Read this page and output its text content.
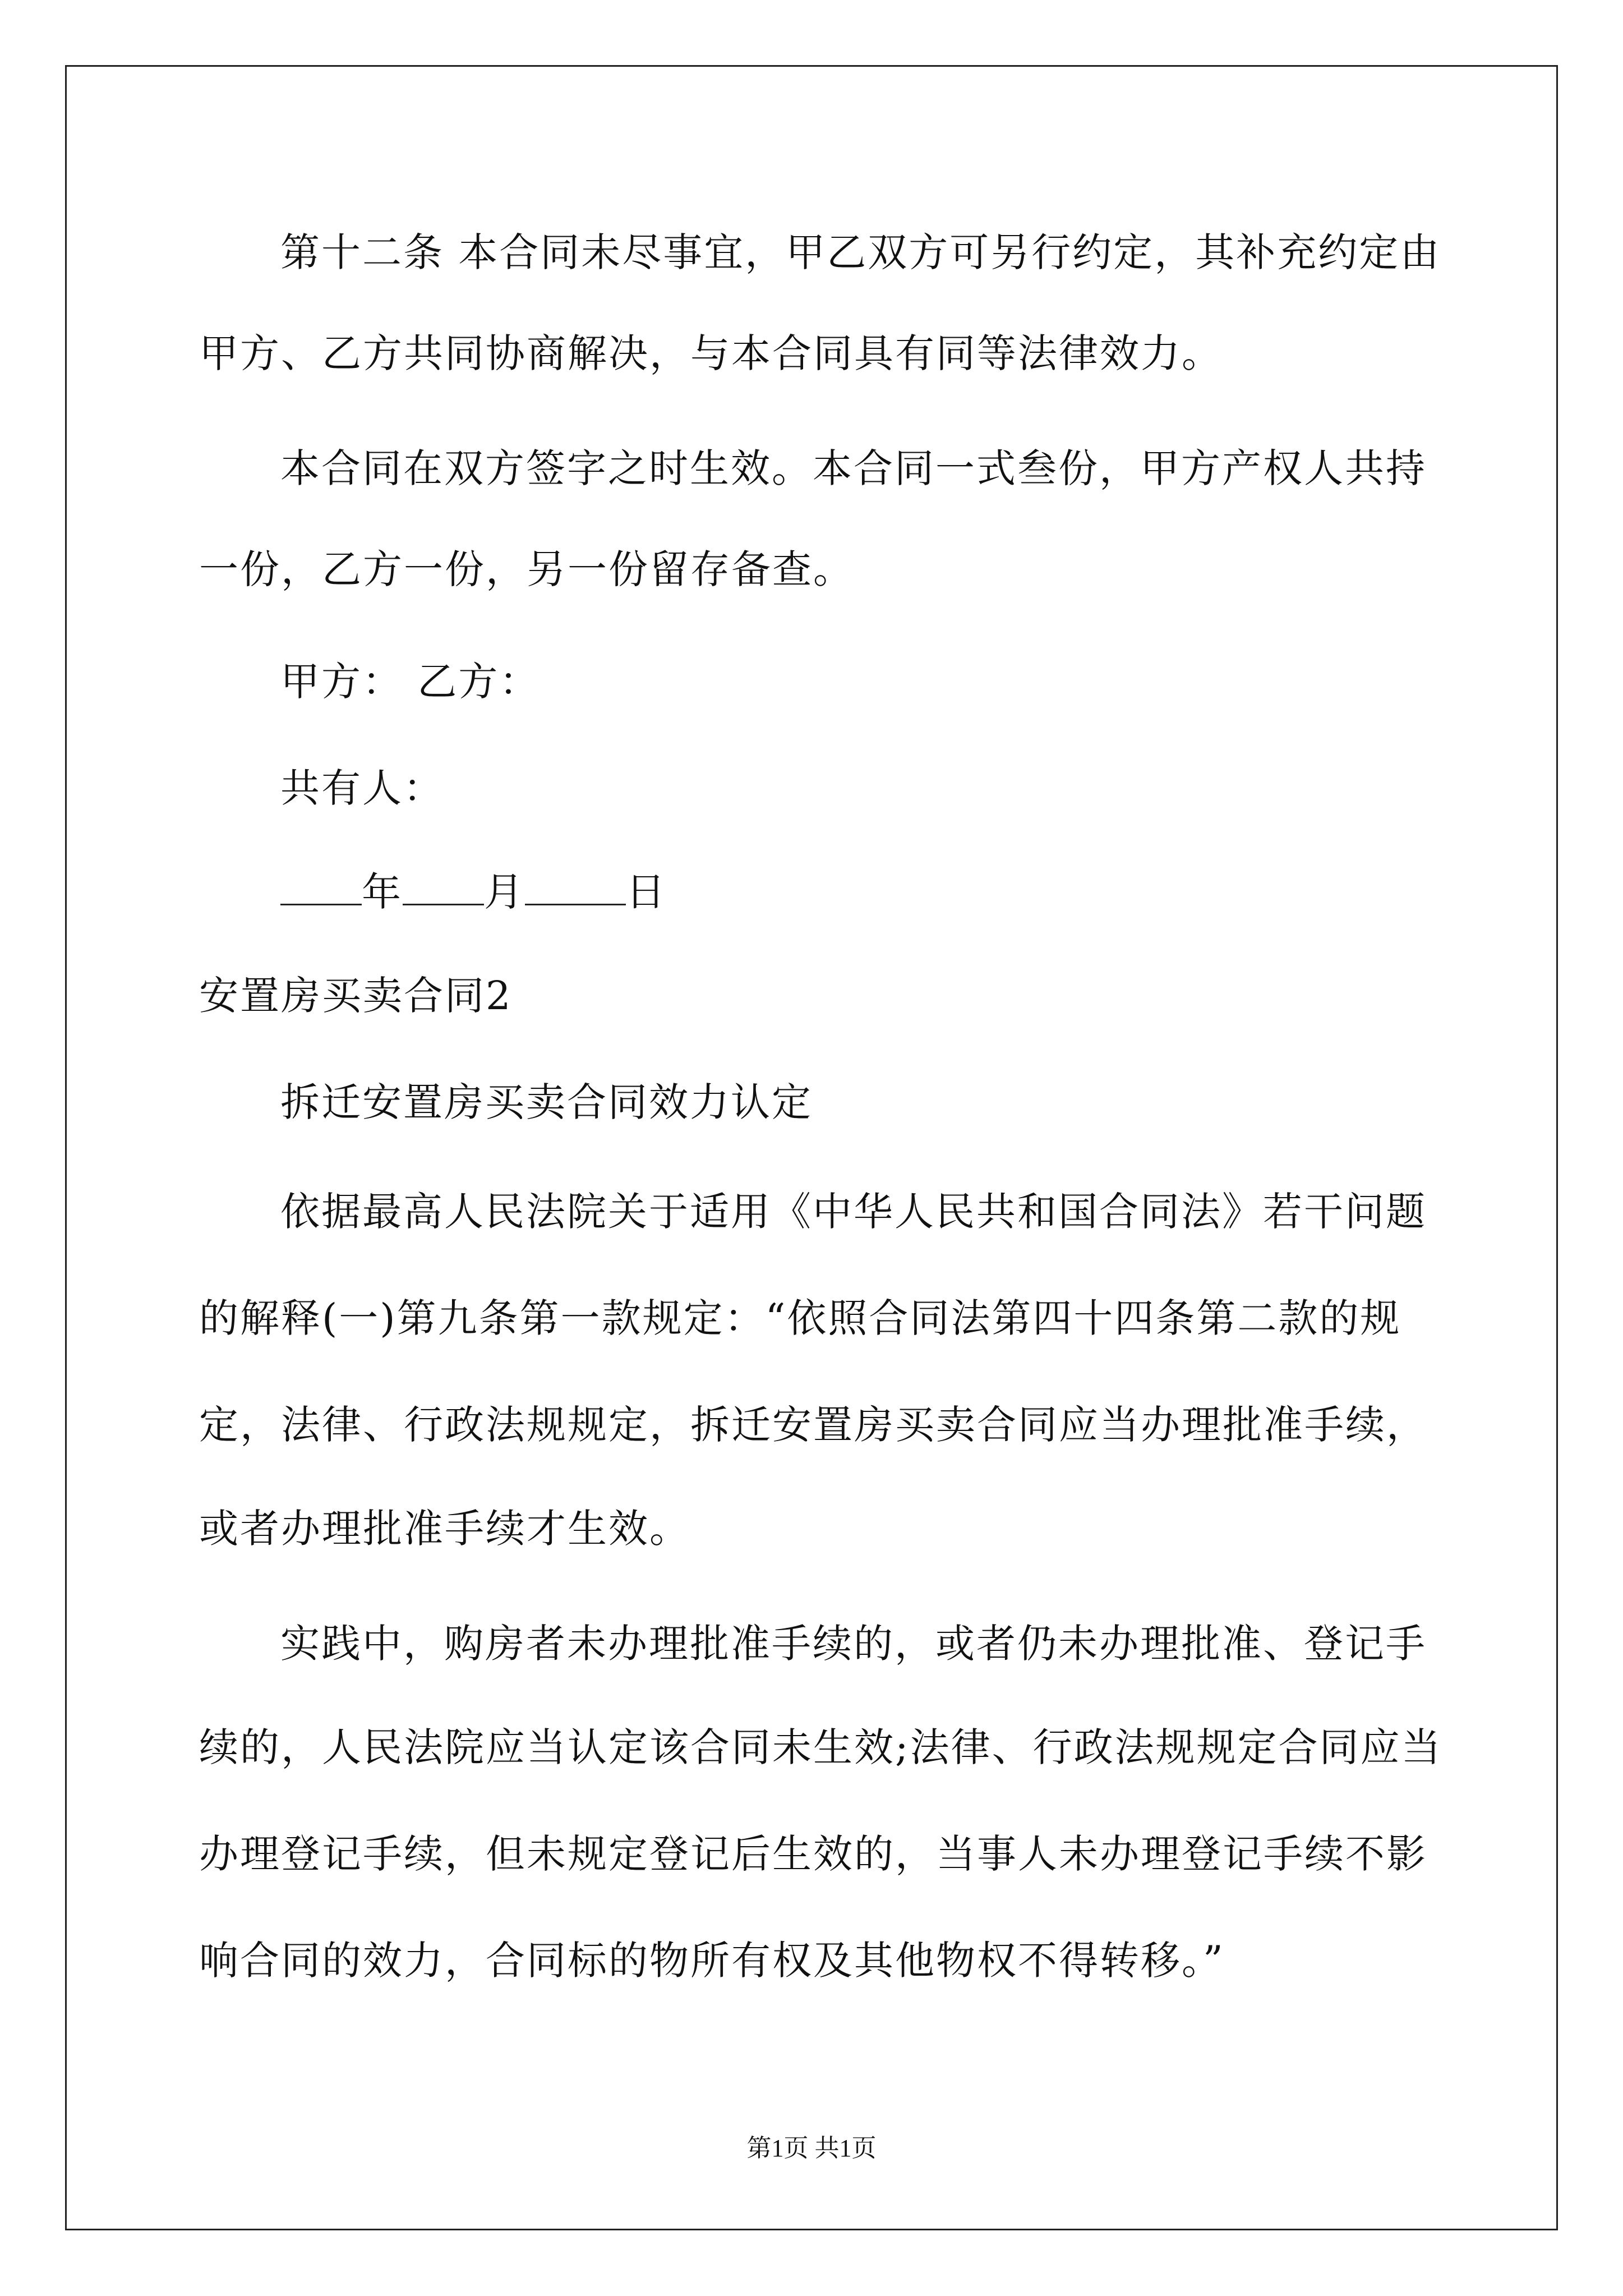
第十二条 本合同未尽事宜，甲乙双方可另行约定，其补充约定由
甲方、乙方共同协商解决，与本合同具有同等法律效力。
本合同在双方签字之时生效。本合同一式叁份，甲方产权人共持
一份，乙方一份，另一份留存备查。
甲方： 乙方：
共有人：
年 月	日
安置房买卖合同2
拆迁安置房买卖合同效力认定
依据最高人民法院关于适用《中华人民共和国合同法》若干问题
的解释(一)第九条第一款规定：“依照合同法第四十四条第二款的规
定，法律、行政法规规定，拆迁安置房买卖合同应当办理批准手续，
或者办理批准手续才生效。
实践中，购房者未办理批准手续的，或者仍未办理批准、登记手
续的，人民法院应当认定该合同未生效;法律、行政法规规定合同应当
办理登记手续，但未规定登记后生效的，当事人未办理登记手续不影
响合同的效力，合同标的物所有权及其他物权不得转移。”
第1页 共1页
